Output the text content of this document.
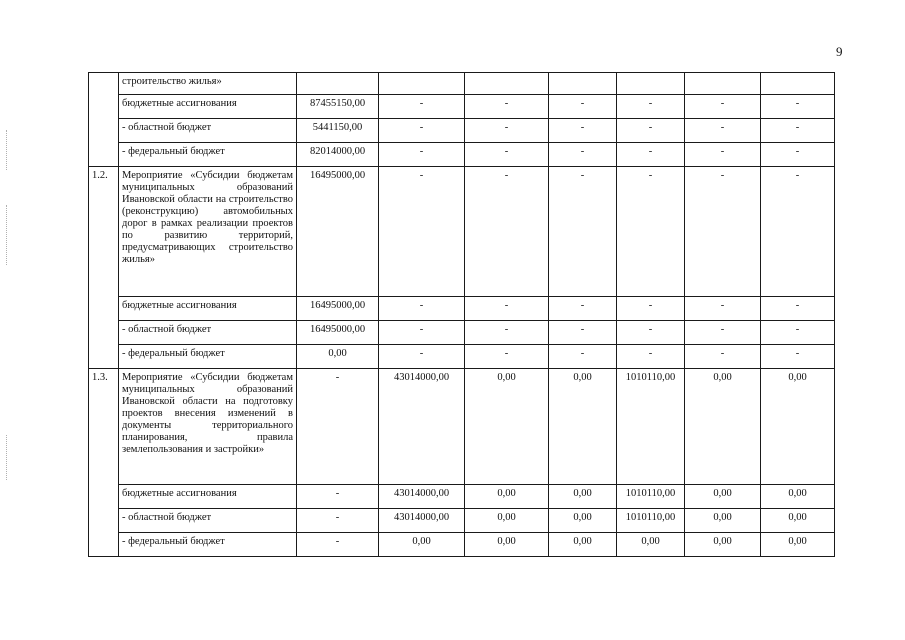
9
	строительство жилья»							
	бюджетные ассигнования	87455150,00	-	-	-	-	-	-
	- областной бюджет	5441150,00	-	-	-	-	-	-
	- федеральный бюджет	82014000,00	-	-	-	-	-	-
1.2.	Мероприятие «Субсидии бюджетам муниципальных образований Ивановской области на строительство (реконструкцию) автомобильных дорог в рамках реализации проектов по развитию территорий, предусматривающих строительство жилья»	16495000,00	-	-	-	-	-	-
	бюджетные ассигнования	16495000,00	-	-	-	-	-	-
	- областной бюджет	16495000,00	-	-	-	-	-	-
	- федеральный бюджет	0,00	-	-	-	-	-	-
1.3.	Мероприятие «Субсидии бюджетам муниципальных образований Ивановской области на подготовку проектов внесения изменений в документы территориального планирования, правила землепользования и застройки»	-	43014000,00	0,00	0,00	1010110,00	0,00	0,00
	бюджетные ассигнования	-	43014000,00	0,00	0,00	1010110,00	0,00	0,00
	- областной бюджет	-	43014000,00	0,00	0,00	1010110,00	0,00	0,00
	- федеральный бюджет	-	0,00	0,00	0,00	0,00	0,00	0,00
